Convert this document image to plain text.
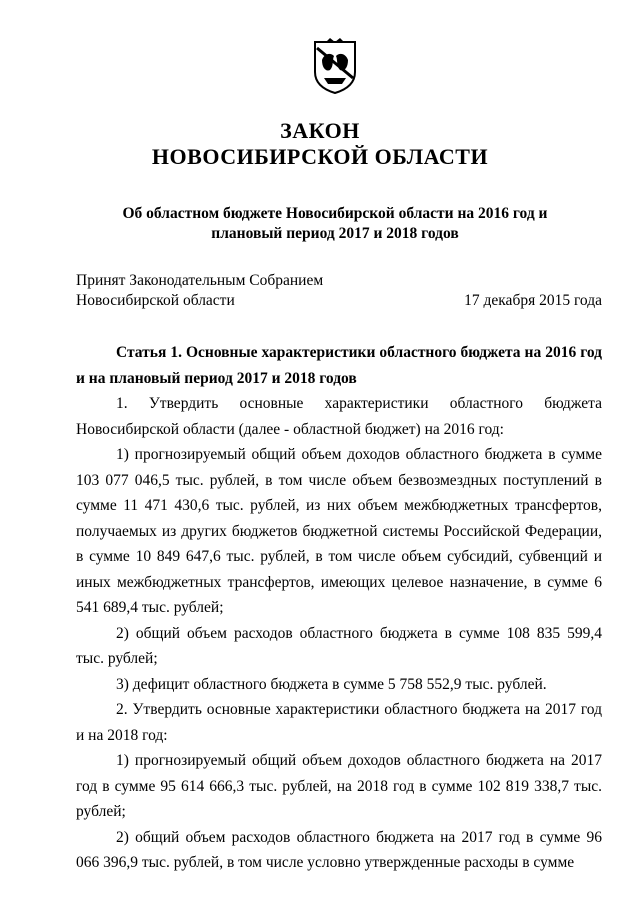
ЗАКОН
НОВОСИБИРСКОЙ ОБЛАСТИ
Об областном бюджете Новосибирской области на 2016 год и плановый период 2017 и 2018 годов
Принят Законодательным Собранием
Новосибирской области	17 декабря 2015 года

Статья 1. Основные характеристики областного бюджета на 2016 год и на плановый период 2017 и 2018 годов

1. Утвердить основные характеристики областного бюджета Новосибирской области (далее - областной бюджет) на 2016 год:

1) прогнозируемый общий объем доходов областного бюджета в сумме 103 077 046,5 тыс. рублей, в том числе объем безвозмездных поступлений в сумме 11 471 430,6 тыс. рублей, из них объем межбюджетных трансфертов, получаемых из других бюджетов бюджетной системы Российской Федерации, в сумме 10 849 647,6 тыс. рублей, в том числе объем субсидий, субвенций и иных межбюджетных трансфертов, имеющих целевое назначение, в сумме 6 541 689,4 тыс. рублей;

2) общий объем расходов областного бюджета в сумме 108 835 599,4 тыс. рублей;

3) дефицит областного бюджета в сумме 5 758 552,9 тыс. рублей.

2. Утвердить основные характеристики областного бюджета на 2017 год и на 2018 год:

1) прогнозируемый общий объем доходов областного бюджета на 2017 год в сумме 95 614 666,3 тыс. рублей, на 2018 год в сумме 102 819 338,7 тыс. рублей;

2) общий объем расходов областного бюджета на 2017 год в сумме 96 066 396,9 тыс. рублей, в том числе условно утвержденные расходы в сумме
